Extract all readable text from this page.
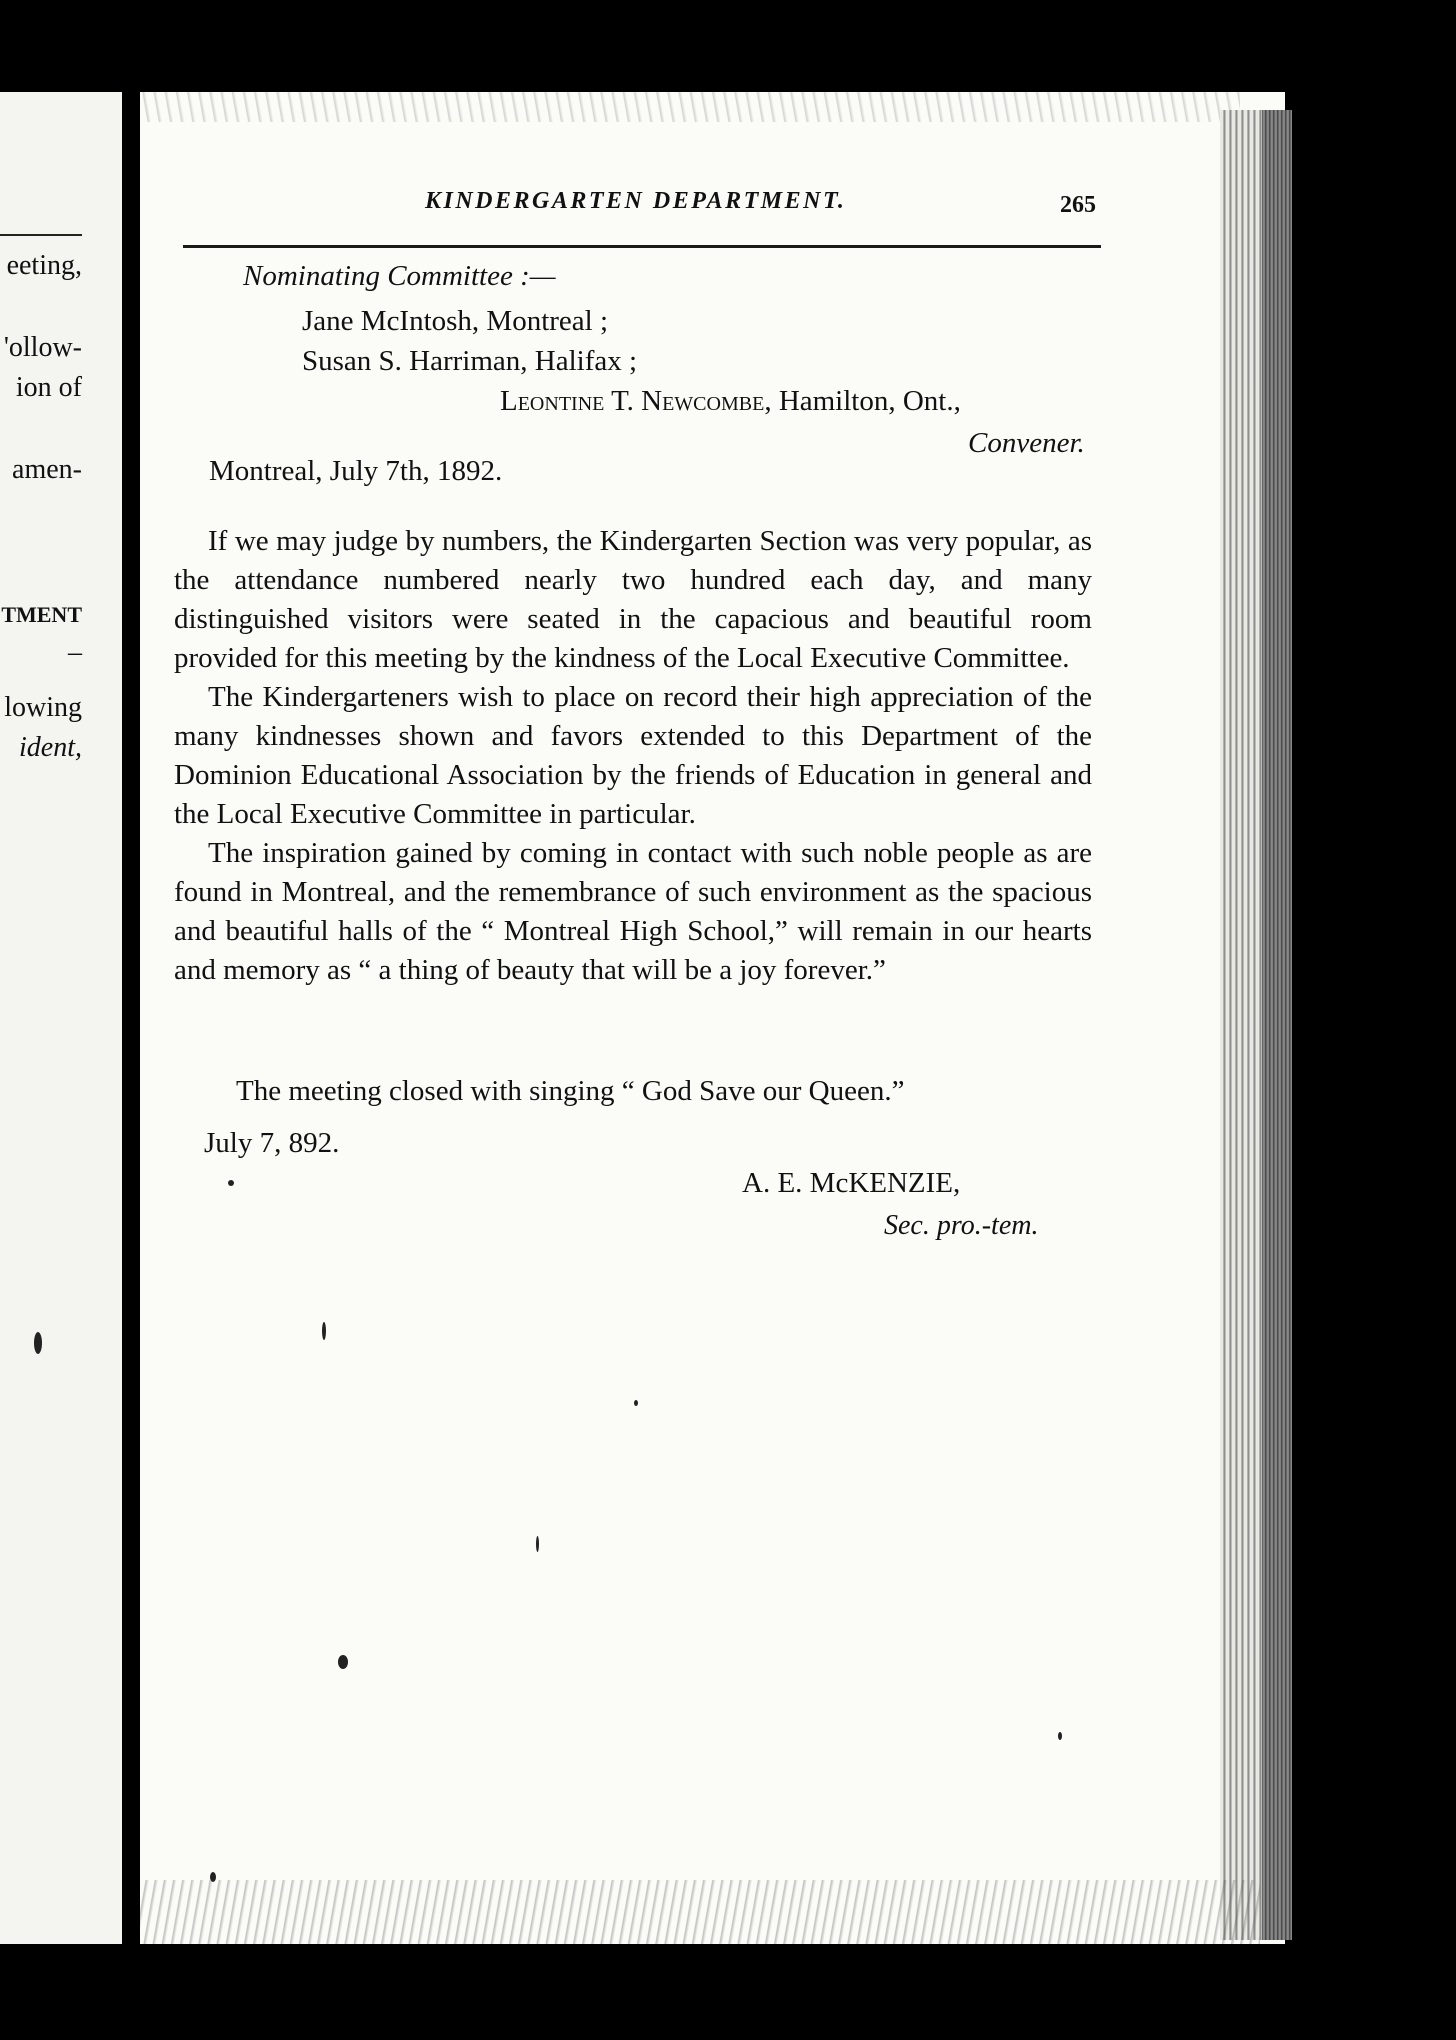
eeting,
'ollow-
ion of
amen-
TMENT
–
lowing
ident,
KINDERGARTEN DEPARTMENT.	265
Nominating Committee :—
Jane McIntosh, Montreal ;
Susan S. Harriman, Halifax ;
Leontine T. Newcombe, Hamilton, Ont.,
Convener.
Montreal, July 7th, 1892.

If we may judge by numbers, the Kindergarten Section was very popular, as the attendance numbered nearly two hundred each day, and many distinguished visitors were seated in the capacious and beautiful room provided for this meeting by the kindness of the Local Executive Committee.

The Kindergarteners wish to place on record their high appreciation of the many kindnesses shown and favors extended to this Department of the Dominion Educational Association by the friends of Education in general and the Local Executive Committee in particular.

The inspiration gained by coming in contact with such noble people as are found in Montreal, and the remembrance of such environment as the spacious and beautiful halls of the “ Montreal High School,” will remain in our hearts and memory as “ a thing of beauty that will be a joy forever.”

The meeting closed with singing “ God Save our Queen.”
July 7, 892.
A. E. McKENZIE,
Sec. pro.-tem.
